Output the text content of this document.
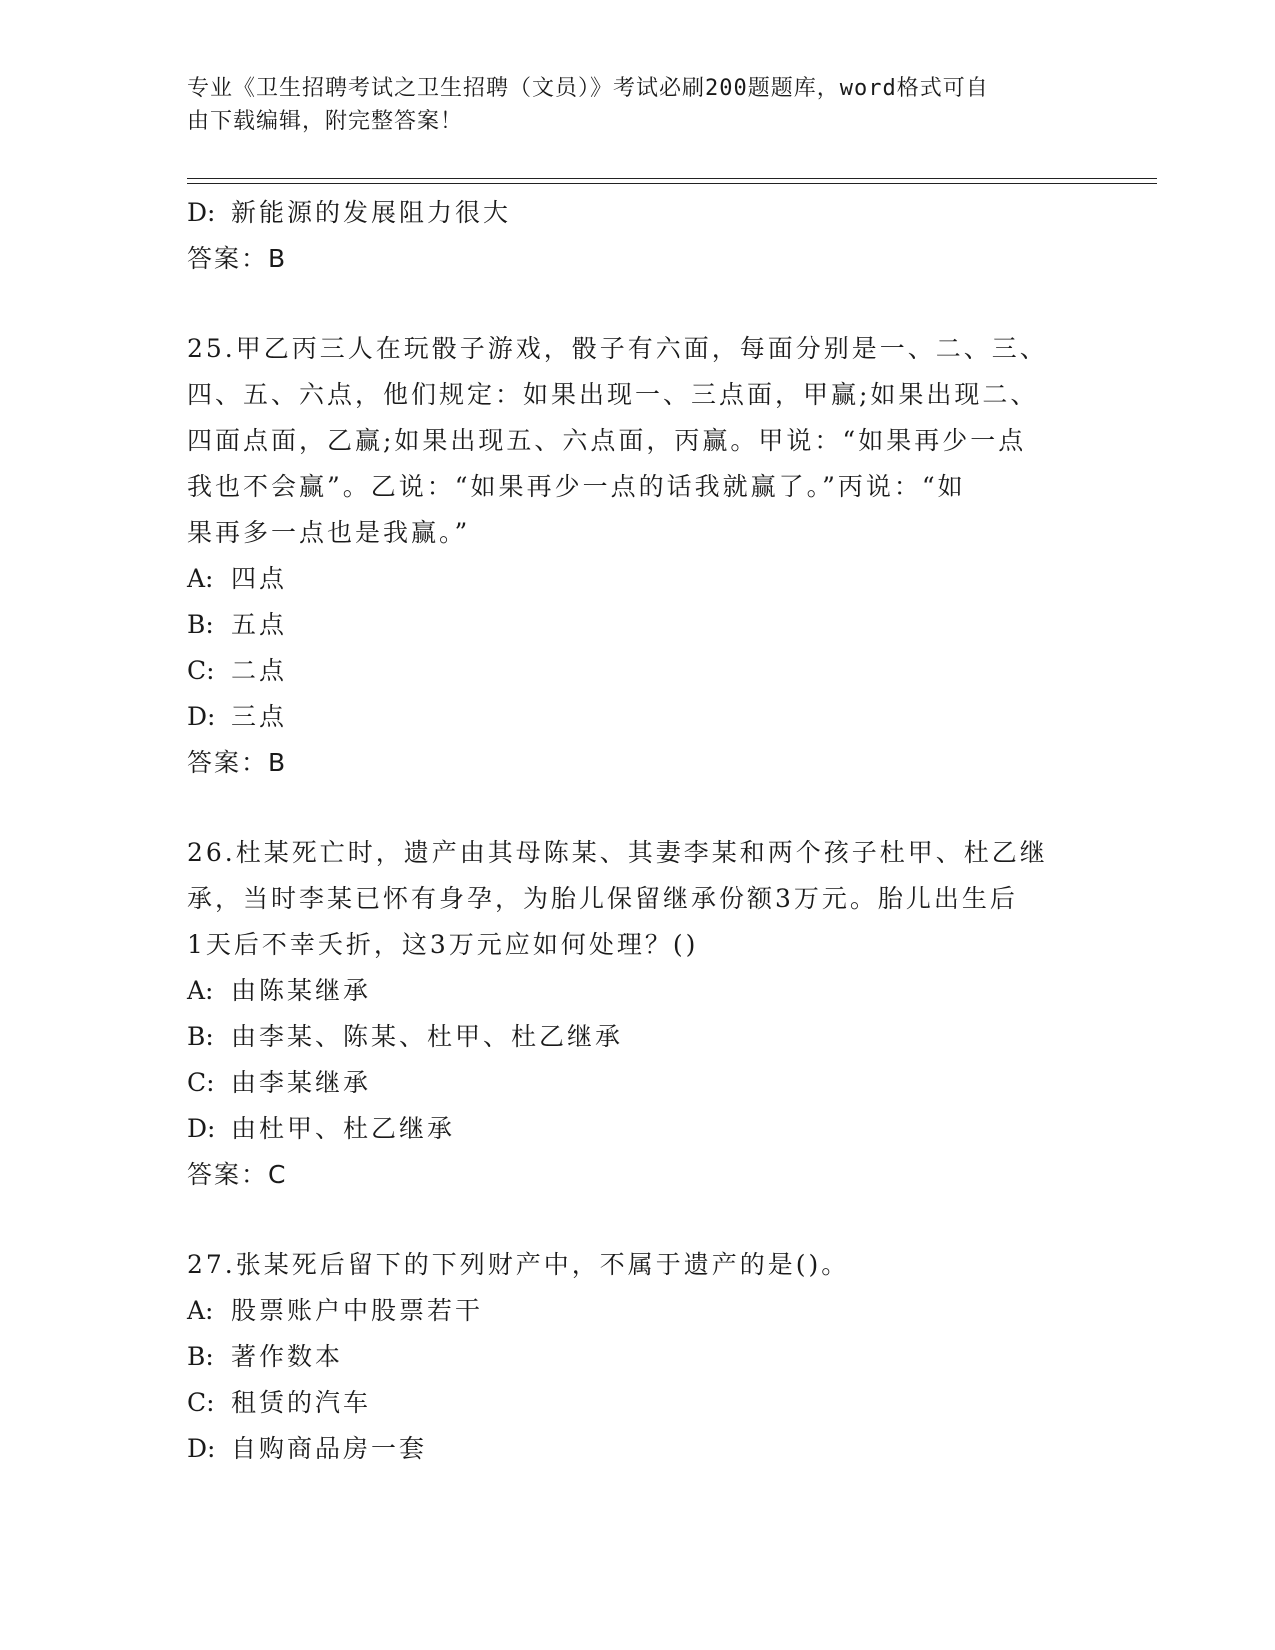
专业《卫生招聘考试之卫生招聘（文员）》考试必刷200题题库，word格式可自
由下载编辑，附完整答案！
D: 新能源的发展阻力很大
答案：B
25.甲乙丙三人在玩骰子游戏，骰子有六面，每面分别是一、二、三、
四、五、六点，他们规定：如果出现一、三点面，甲赢;如果出现二、
四面点面，乙赢;如果出现五、六点面，丙赢。甲说：“如果再少一点
我也不会赢”。乙说：“如果再少一点的话我就赢了。”丙说：“如
果再多一点也是我赢。”
A: 四点
B: 五点
C: 二点
D: 三点
答案：B
26.杜某死亡时，遗产由其母陈某、其妻李某和两个孩子杜甲、杜乙继
承，当时李某已怀有身孕，为胎儿保留继承份额3万元。胎儿出生后
1天后不幸夭折，这3万元应如何处理？()
A: 由陈某继承
B: 由李某、陈某、杜甲、杜乙继承
C: 由李某继承
D: 由杜甲、杜乙继承
答案：C
27.张某死后留下的下列财产中，不属于遗产的是()。
A: 股票账户中股票若干
B: 著作数本
C: 租赁的汽车
D: 自购商品房一套
